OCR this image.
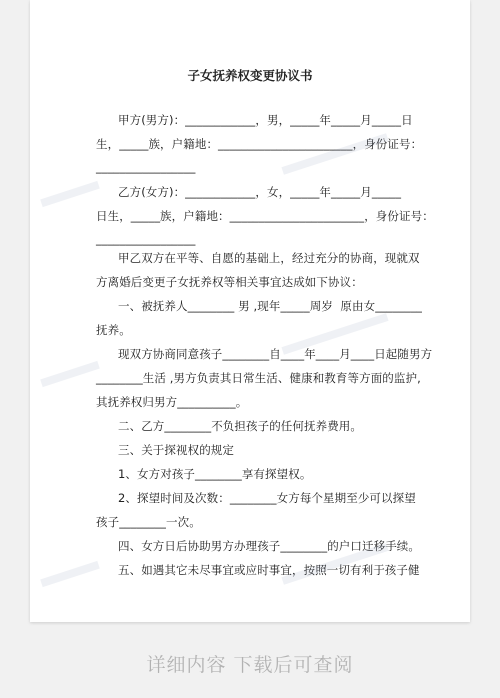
子女抚养权变更协议书
甲方(男方)：____________，男，_____年_____月_____日
生，_____族，户籍地：_______________________，身份证号：
_________________
乙方(女方)：____________，女，_____年_____月_____
日生，_____族，户籍地：_______________________，身份证号：
_________________
甲乙双方在平等、自愿的基础上，经过充分的协商，现就双
方离婚后变更子女抚养权等相关事宜达成如下协议：
一、被抚养人________ 男 ,现年_____周岁  原由女________
抚养。
现双方协商同意孩子________自____年____月____日起随男方
________生活 ,男方负责其日常生活、健康和教育等方面的监护,
其抚养权归男方__________。
二、乙方________不负担孩子的任何抚养费用。
三、关于探视权的规定
1、女方对孩子________享有探望权。
2、探望时间及次数：________女方每个星期至少可以探望
孩子________一次。
四、女方日后协助男方办理孩子________的户口迁移手续。
五、如遇其它未尽事宜或应时事宜，按照一切有利于孩子健
详细内容 下载后可查阅
